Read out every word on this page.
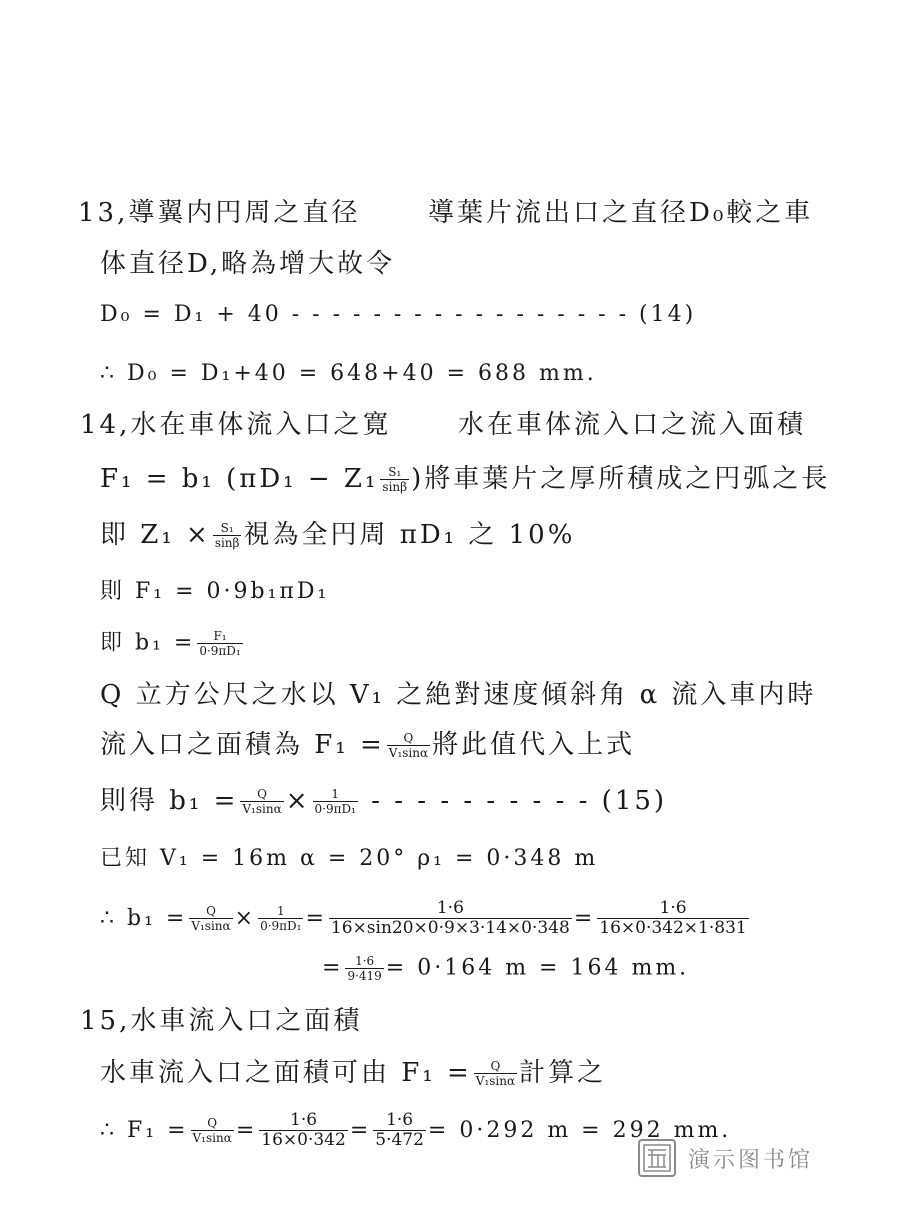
13,導翼内円周之直径	導葉片流出口之直径D₀較之車
体直径D,略為增大故令
D₀ = D₁ + 40 - - - - - - - - - - - - - - - - - (14)
∴ D₀ = D₁+40 = 648+40 = 688 mm.
14,水在車体流入口之寛	水在車体流入口之流入面積
F₁ = b₁ ($\pi D_1 - Z_1 \frac{\text{S₁}}{\sin\beta}$ )將車葉片之厚所積成之円弧之長
即 $Z_1 \times \frac{\text{S₁}}{\sin\beta}$ 視為全円周 πD₁ 之 10%
則 F₁ = 0·9b₁πD₁
即 $b_1 = \frac{\text{F₁}}{\text{0·9πD₁}}$
Q 立方公尺之水以 V₁ 之絶對速度傾斜角 α 流入車内時
流入口之面積為 $F_1 = \frac{Q}{\text{V₁sinα}}$ 將此值代入上式
則得 $b_1 = \frac{Q}{\text{V₁sinα}} \times \frac{1}{\text{0·9πD₁}}$ - - - - - - - - - - (15)
已知 V₁ = 16m α = 20° ρ₁ = 0·348 m
∴ $b_1 = \frac{Q}{\text{V₁sinα}} \times \frac{1}{\text{0·9πD₁}} = \frac{1\cdot 6}{16\times\sin 20\times 0\cdot 9\times 3\cdot 14\times 0\cdot 348} = \frac{1\cdot 6}{16\times 0\cdot 342\times 1\cdot 831}$
= $\frac{1\cdot 6}{9\cdot 419} = 0\cdot 164$ m = 164 mm.
15,水車流入口之面積
水車流入口之面積可由 $F_1 = \frac{Q}{\text{V₁sinα}}$ 計算之
∴ $F_1 = \frac{Q}{\text{V₁sinα}} = \frac{1\cdot 6}{16\times 0\cdot 342} = \frac{1\cdot 6}{5\cdot 472} = 0\cdot 292$ m = 292 mm.
演示图书馆
